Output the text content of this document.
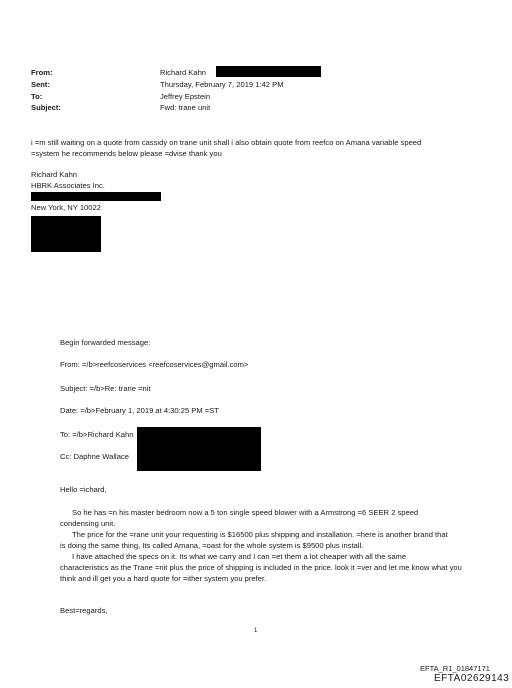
From:	Richard Kahn
Sent:	Thursday, February 7, 2019 1:42 PM
To:	Jeffrey Epstein
Subject:	Fwd: trane unit
i =m still waiting on a quote from cassidy on trane unit shall i also obtain quote from reefco on Amana variable speed
=system he recommends below please =dvise thank you
Richard Kahn
HBRK Associates Inc.
New York, NY 10022
Begin forwarded message:
From: =/b>reefcoservices <reefcoservices@gmail.com>
Subject: =/b>Re: trane =nit
Date: =/b>February 1, 2019 at 4:30:25 PM =ST
To: =/b>Richard Kahn
Cc: Daphne Wallace
Hello =ichard,
So he has =n his master bedroom now a 5 ton single speed blower with a Armstrong =6 SEER 2 speed
condensing unit.
The price for the =rane unit your requesting is $16500 plus shipping and installation. =here is another brand that
is doing the same thing, Its called Amana, =oast for the whole system is $9500 plus install.
I have attached the specs on it. Its what we carry and I can =et them a lot cheaper with all the same
characteristics as the Trane =nit plus the price of shipping is included in the price. look it =ver and let me know what you
think and ill get you a hard quote for =ither system you prefer.
Best=regards,
1
EFTA_R1_01847171
EFTA02629143
